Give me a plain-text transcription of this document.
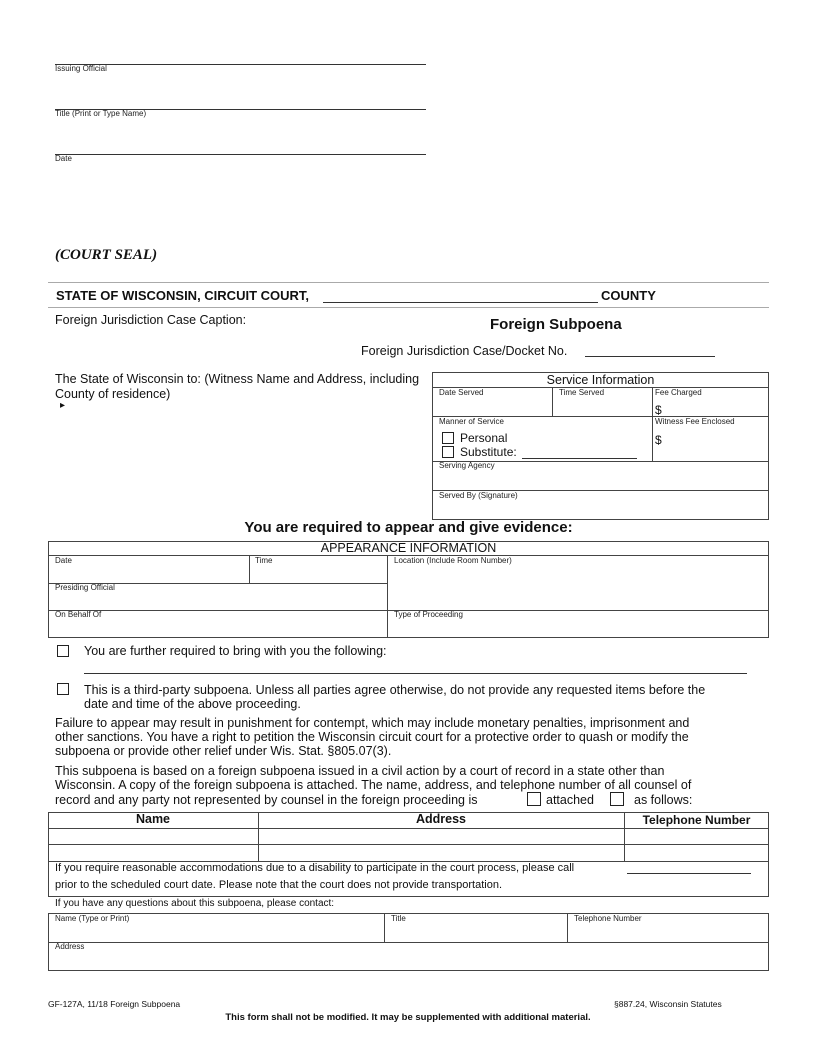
Issuing Official
Title (Print or Type Name)
Date
(COURT SEAL)
STATE OF WISCONSIN, CIRCUIT COURT,	COUNTY
Foreign Jurisdiction Case Caption:	Foreign Subpoena
Foreign Jurisdiction Case/Docket No.
The State of Wisconsin to: (Witness Name and Address, including County of residence)
▸
Service Information
Date Served	Time Served	Fee Charged
$
Manner of Service	Witness Fee Enclosed
$
Personal
Substitute:
Serving Agency
Served By (Signature)
You are required to appear and give evidence:
APPEARANCE INFORMATION
Date	Time	Location (Include Room Number)
Presiding Official
On Behalf Of	Type of Proceeding
You are further required to bring with you the following:
This is a third-party subpoena. Unless all parties agree otherwise, do not provide any requested items before the
date and time of the above proceeding.
Failure to appear may result in punishment for contempt, which may include monetary penalties, imprisonment and
other sanctions. You have a right to petition the Wisconsin circuit court for a protective order to quash or modify the
subpoena or provide other relief under Wis. Stat. §805.07(3).
This subpoena is based on a foreign subpoena issued in a civil action by a court of record in a state other than
Wisconsin. A copy of the foreign subpoena is attached. The name, address, and telephone number of all counsel of
record and any party not represented by counsel in the foreign proceeding is	attached	as follows:
Name	Address	Telephone Number
If you require reasonable accommodations due to a disability to participate in the court process, please call
prior to the scheduled court date. Please note that the court does not provide transportation.
If you have any questions about this subpoena, please contact:
Name (Type or Print)	Title	Telephone Number
Address
GF-127A, 11/18 Foreign Subpoena	§887.24, Wisconsin Statutes
This form shall not be modified. It may be supplemented with additional material.
